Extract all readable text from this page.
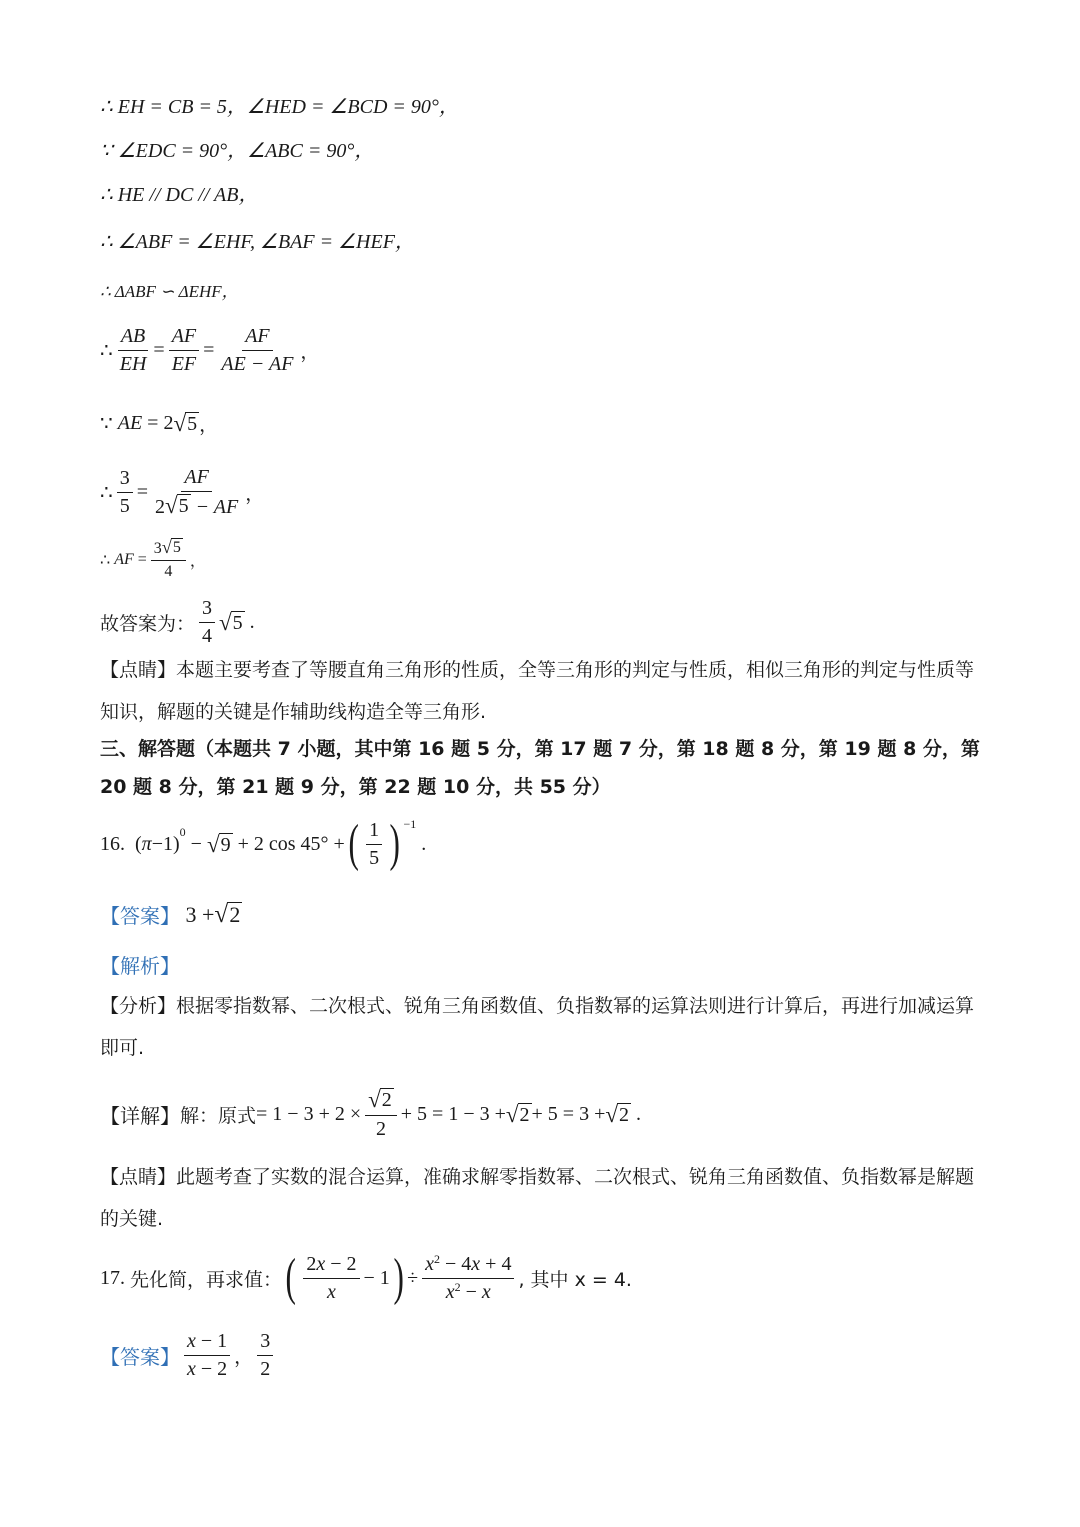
∴ EH = CB = 5，∠HED = ∠BCD = 90°，
∵ ∠EDC = 90°，∠ABC = 90°，
∴ HE // DC // AB，
∴ ∠ABF = ∠EHF, ∠BAF = ∠HEF，
∴ ΔABF ∽ ΔEHF，
∴ $\frac{AB}{EH} = \frac{AF}{EF} = \frac{AF}{AE - AF}$ ，
∵
AE
= 2 √ 5 ，
∴ $\frac{3}{5} = \frac{AF}{2 √ 5 - AF}$ ，
∴
AF
= $\frac{3 √ 5}{4}$ ，
故答案为： $\frac{3}{4}$ √ 5 .
【点睛】本题主要考查了等腰直角三角形的性质，全等三角形的判定与性质，相似三角形的判定与性质等知识，解题的关键是作辅助线构造全等三角形.
三、解答题（本题共 7 小题，其中第 16 题 5 分，第 17 题 7 分，第 18 题 8 分，第 19 题 8 分，第 20 题 8 分，第 21 题 9 分，第 22 题 10 分，共 55 分）
16.
( π −1)
0
− √ 9 + 2 cos 45° + ( $\frac{1}{5}$ ) −1
.
【答案】 3 + √ 2
【解析】
【分析】根据零指数幂、二次根式、锐角三角函数值、负指数幂的运算法则进行计算后，再进行加减运算即可.
【详解】 解：原式 = $1 - 3 + 2 \times \frac{√ 2}{2} + 5 = 1 - 3$ + √ 2 + 5 = 3 + √ 2 .
【点睛】此题考查了实数的混合运算，准确求解零指数幂、二次根式、锐角三角函数值、负指数幂是解题的关键.
17.
先化简，再求值： ( $\frac{2x - 2}{x} - 1$ ) ÷ $\frac{x^2 - 4x + 4}{x^2 - x}$ , 其中 x = 4.
【答案】 $\frac{x - 1}{x - 2}$ ， $\frac{3}{2}$
